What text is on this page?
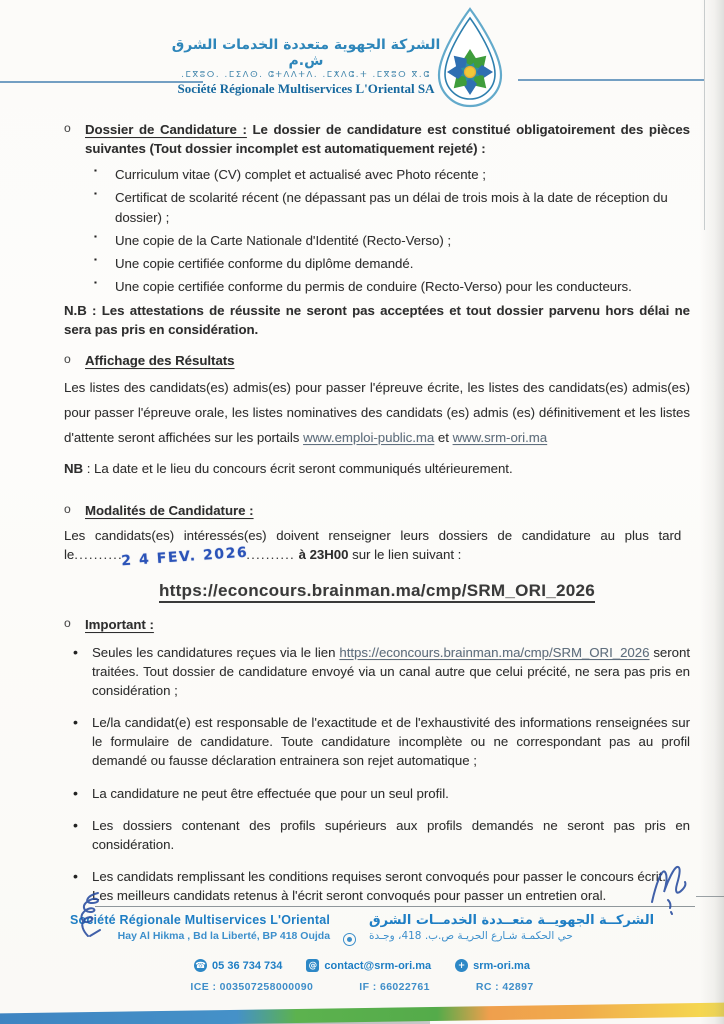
الشركة الجهوية متعددة الخدمات الشرق ش.م
.ⵎⴳⵓⵔ. .ⵎⵉⴷⵙ. ⵛⵜⴷⴷⵜⴷ. .ⵎⵅⴷⵛ.ⵜ .ⵎⴳⵓⵔ ⴳ.ⵛ
Société Régionale Multiservices L'Oriental SA
o Dossier de Candidature : Le dossier de candidature est constitué obligatoirement des pièces suivantes (Tout dossier incomplet est automatiquement rejeté) :

▪ Curriculum vitae (CV) complet et actualisé avec Photo récente ;
▪ Certificat de scolarité récent (ne dépassant pas un délai de trois mois à la date de réception du dossier) ;
▪ Une copie de la Carte Nationale d'Identité (Recto-Verso) ;
▪ Une copie certifiée conforme du diplôme demandé.
▪ Une copie certifiée conforme du permis de conduire (Recto-Verso) pour les conducteurs.

N.B : Les attestations de réussite ne seront pas acceptées et tout dossier parvenu hors délai ne sera pas pris en considération.

o Affichage des Résultats

Les listes des candidats(es) admis(es) pour passer l'épreuve écrite, les listes des candidats(es) admis(es) pour passer l'épreuve orale, les listes nominatives des candidats (es) admis (es) définitivement et les listes d'attente seront affichées sur les portails www.emploi-public.ma et www.srm-ori.ma

NB : La date et le lieu du concours écrit seront communiqués ultérieurement.

o Modalités de Candidature :

Les candidats(es) intéressés(es) doivent renseigner leurs dossiers de candidature au plus tard
le..........2 4 FEV. 2026.......... à 23H00 sur le lien suivant :

https://econcours.brainman.ma/cmp/SRM_ORI_2026

o Important :
• Seules les candidatures reçues via le lien https://econcours.brainman.ma/cmp/SRM_ORI_2026 seront traitées. Tout dossier de candidature envoyé via un canal autre que celui précité, ne sera pas pris en considération ;
• Le/la candidat(e) est responsable de l'exactitude et de l'exhaustivité des informations renseignées sur le formulaire de candidature. Toute candidature incomplète ou ne correspondant pas au profil demandé ou fausse déclaration entrainera son rejet automatique ;
• La candidature ne peut être effectuée que pour un seul profil.
• Les dossiers contenant des profils supérieurs aux profils demandés ne seront pas pris en considération.
• Les candidats remplissant les conditions requises seront convoqués pour passer le concours écrit. Les meilleurs candidats retenus à l'écrit seront convoqués pour passer un entretien oral.
Société Régionale Multiservices L'Oriental
Hay Al Hikma , Bd la Liberté, BP 418 Oujda
الشركــة الجهويــة متعــددة الخدمــات الشرق
حي الحكمـة شـارع الحريـة ص.ب. 418، وجـدة
☎ 05 36 734 734	@ contact@srm-ori.ma	+ srm-ori.ma
ICE : 003507258000090	IF : 66022761	RC : 42897
